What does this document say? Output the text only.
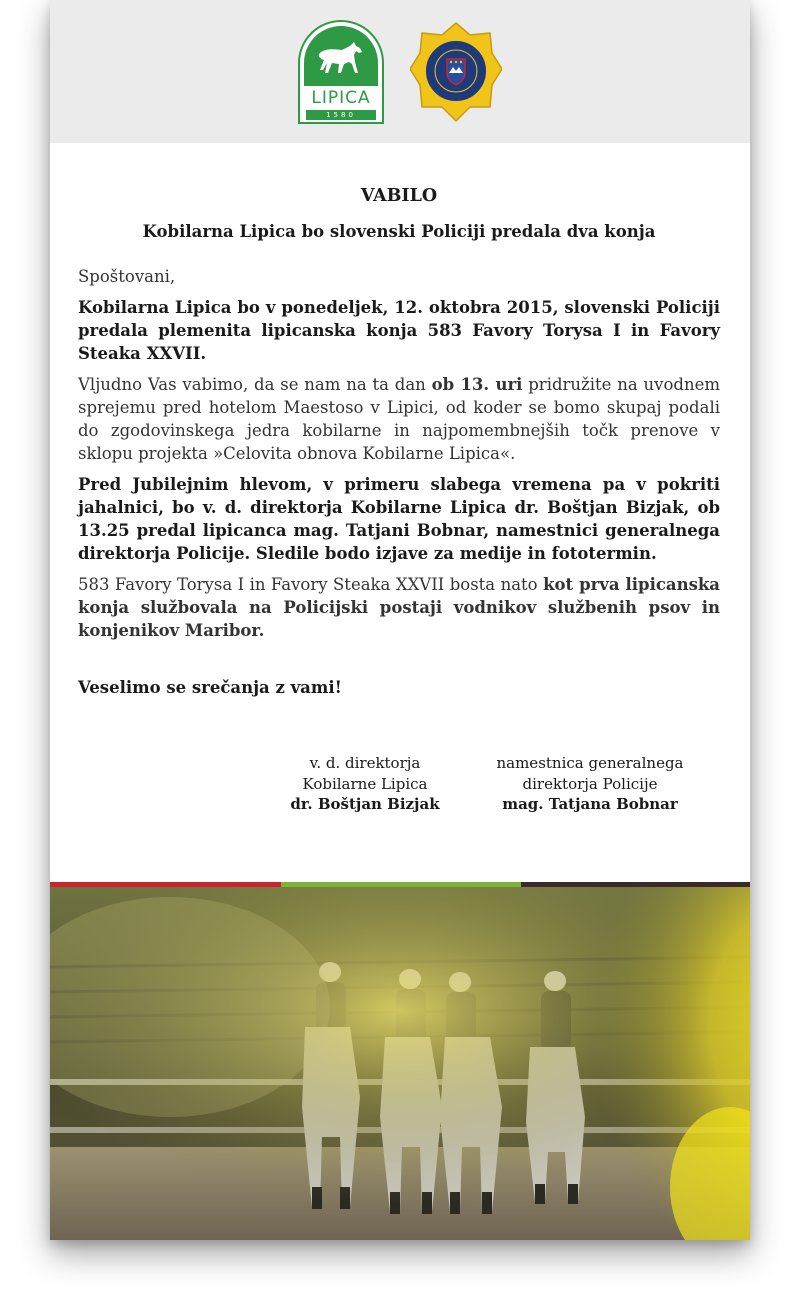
LIPICA
1580
VABILO
Kobilarna Lipica bo slovenski Policiji predala dva konja
Spoštovani,
Kobilarna Lipica bo v ponedeljek, 12. oktobra 2015, slovenski Policiji predala plemenita lipicanska konja 583 Favory Torysa I in Favory Steaka XXVII.
Vljudno Vas vabimo, da se nam na ta dan ob 13. uri pridružite na uvodnem sprejemu pred hotelom Maestoso v Lipici, od koder se bomo skupaj podali do zgodovinskega jedra kobilarne in najpomembnejših točk prenove v sklopu projekta »Celovita obnova Kobilarne Lipica«.
Pred Jubilejnim hlevom, v primeru slabega vremena pa v pokriti jahalnici, bo v. d. direktorja Kobilarne Lipica dr. Boštjan Bizjak, ob 13.25 predal lipicanca mag. Tatjani Bobnar, namestnici generalnega direktorja Policije. Sledile bodo izjave za medije in fototermin.
583 Favory Torysa I in Favory Steaka XXVII bosta nato kot prva lipicanska konja službovala na Policijski postaji vodnikov službenih psov in konjenikov Maribor.
Veselimo se srečanja z vami!
v. d. direktorja
Kobilarne Lipica
dr. Boštjan Bizjak
namestnica generalnega
direktorja Policije
mag. Tatjana Bobnar
